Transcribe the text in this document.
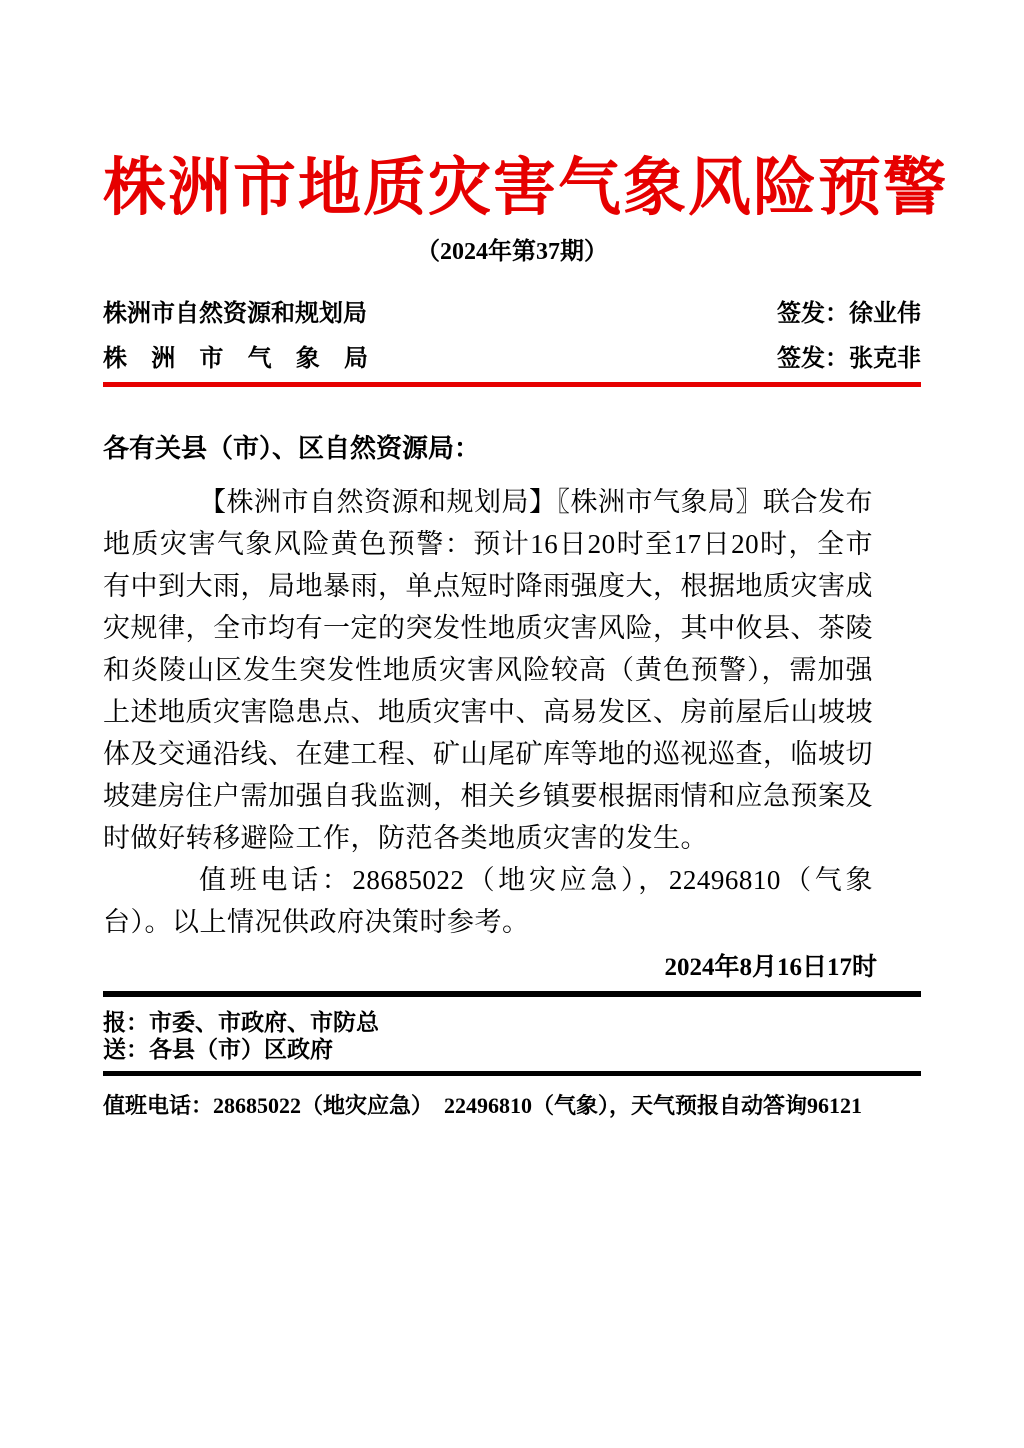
株洲市地质灾害气象风险预警
（2024年第37期）
株洲市自然资源和规划局	签发：徐业伟
株洲市气象局	签发：张克非
各有关县（市）、区自然资源局：

【株洲市自然资源和规划局】〖株洲市气象局〗联合发布地质灾害气象风险黄色预警：预计16日20时至17日20时，全市有中到大雨，局地暴雨，单点短时降雨强度大，根据地质灾害成灾规律，全市均有一定的突发性地质灾害风险，其中攸县、茶陵和炎陵山区发生突发性地质灾害风险较高（黄色预警），需加强上述地质灾害隐患点、地质灾害中、高易发区、房前屋后山坡坡体及交通沿线、在建工程、矿山尾矿库等地的巡视巡查，临坡切坡建房住户需加强自我监测，相关乡镇要根据雨情和应急预案及时做好转移避险工作，防范各类地质灾害的发生。

值班电话：28685022（地灾应急），22496810（气象台）。以上情况供政府决策时参考。

2024年8月16日17时
报：市委、市政府、市防总
送：各县（市）区政府
值班电话：28685022（地灾应急）　22496810（气象），天气预报自动答询96121
